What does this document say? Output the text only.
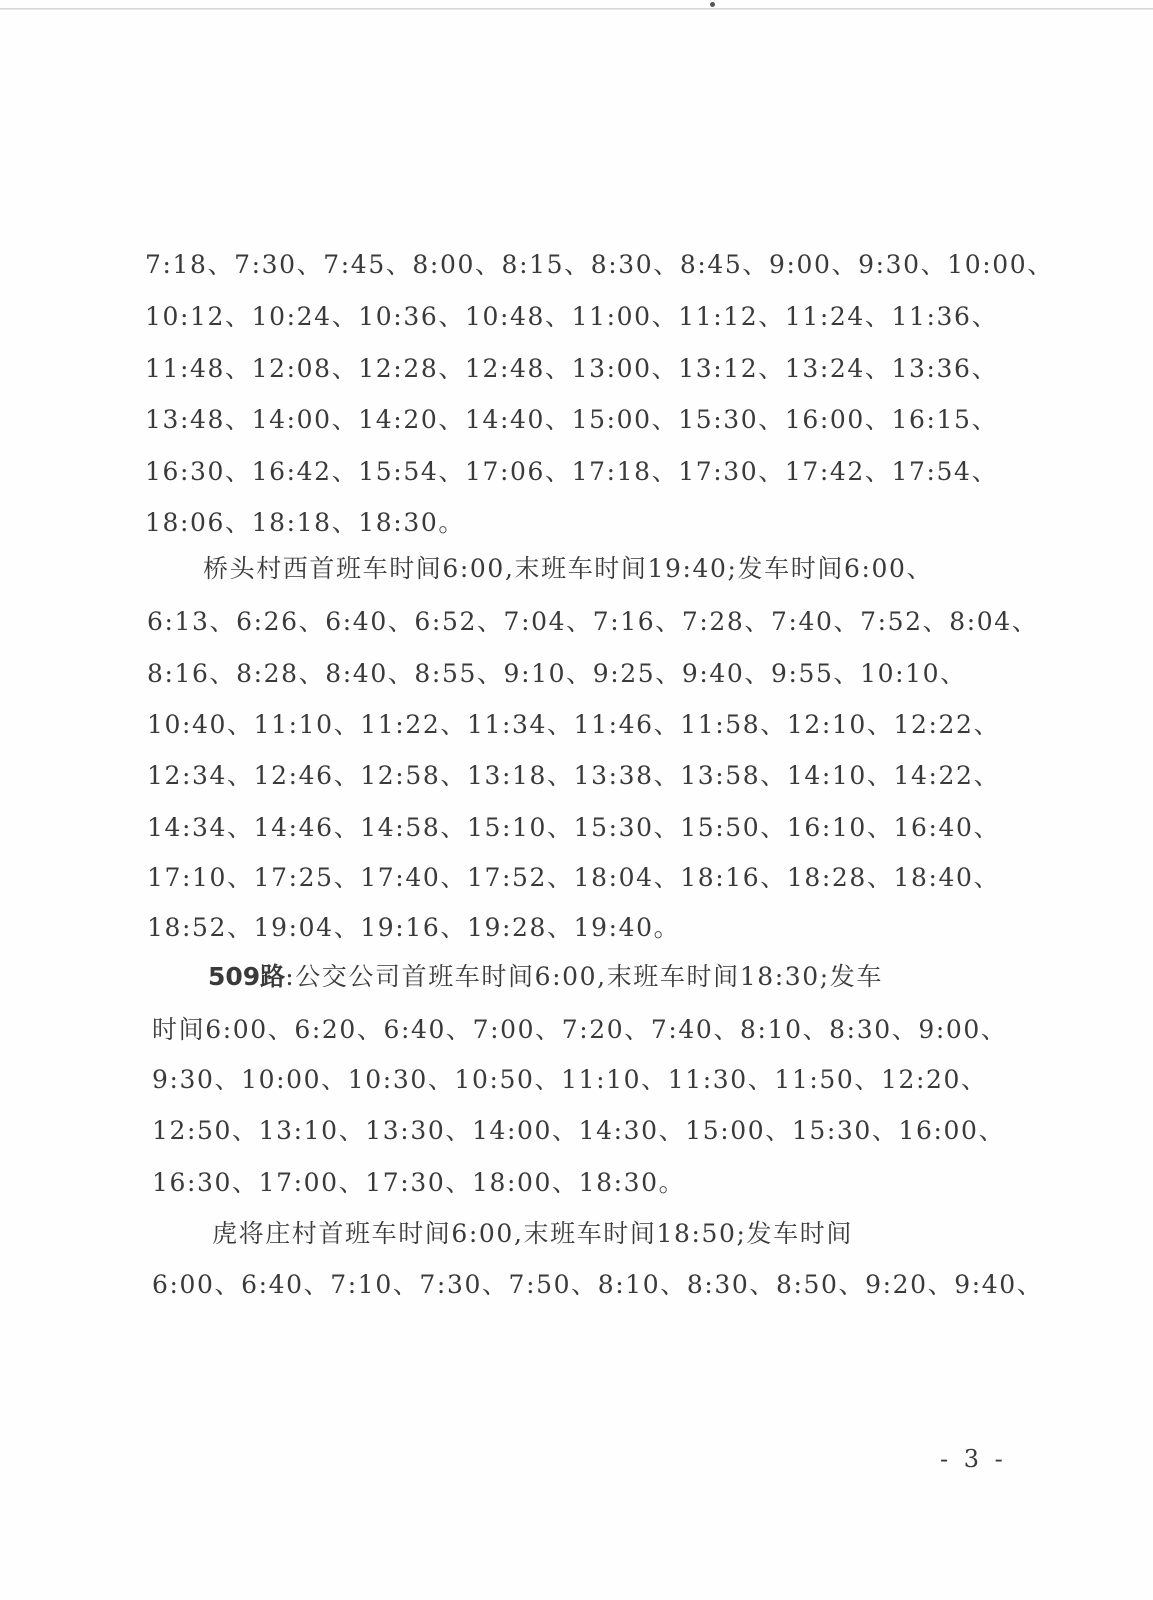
7:18、7:30、7:45、8:00、8:15、8:30、8:45、9:00、9:30、10:00、

10:12、10:24、10:36、10:48、11:00、11:12、11:24、11:36、

11:48、12:08、12:28、12:48、13:00、13:12、13:24、13:36、

13:48、14:00、14:20、14:40、15:00、15:30、16:00、16:15、

16:30、16:42、15:54、17:06、17:18、17:30、17:42、17:54、

18:06、18:18、18:30。

桥头村西首班车时间6:00,末班车时间19:40;发车时间6:00、

6:13、6:26、6:40、6:52、7:04、7:16、7:28、7:40、7:52、8:04、

8:16、8:28、8:40、8:55、9:10、9:25、9:40、9:55、10:10、

10:40、11:10、11:22、11:34、11:46、11:58、12:10、12:22、

12:34、12:46、12:58、13:18、13:38、13:58、14:10、14:22、

14:34、14:46、14:58、15:10、15:30、15:50、16:10、16:40、

17:10、17:25、17:40、17:52、18:04、18:16、18:28、18:40、

18:52、19:04、19:16、19:28、19:40。

509路:公交公司首班车时间6:00,末班车时间18:30;发车

时间6:00、6:20、6:40、7:00、7:20、7:40、8:10、8:30、9:00、

9:30、10:00、10:30、10:50、11:10、11:30、11:50、12:20、

12:50、13:10、13:30、14:00、14:30、15:00、15:30、16:00、

16:30、17:00、17:30、18:00、18:30。

虎将庄村首班车时间6:00,末班车时间18:50;发车时间

6:00、6:40、7:10、7:30、7:50、8:10、8:30、8:50、9:20、9:40、

- 3 -
